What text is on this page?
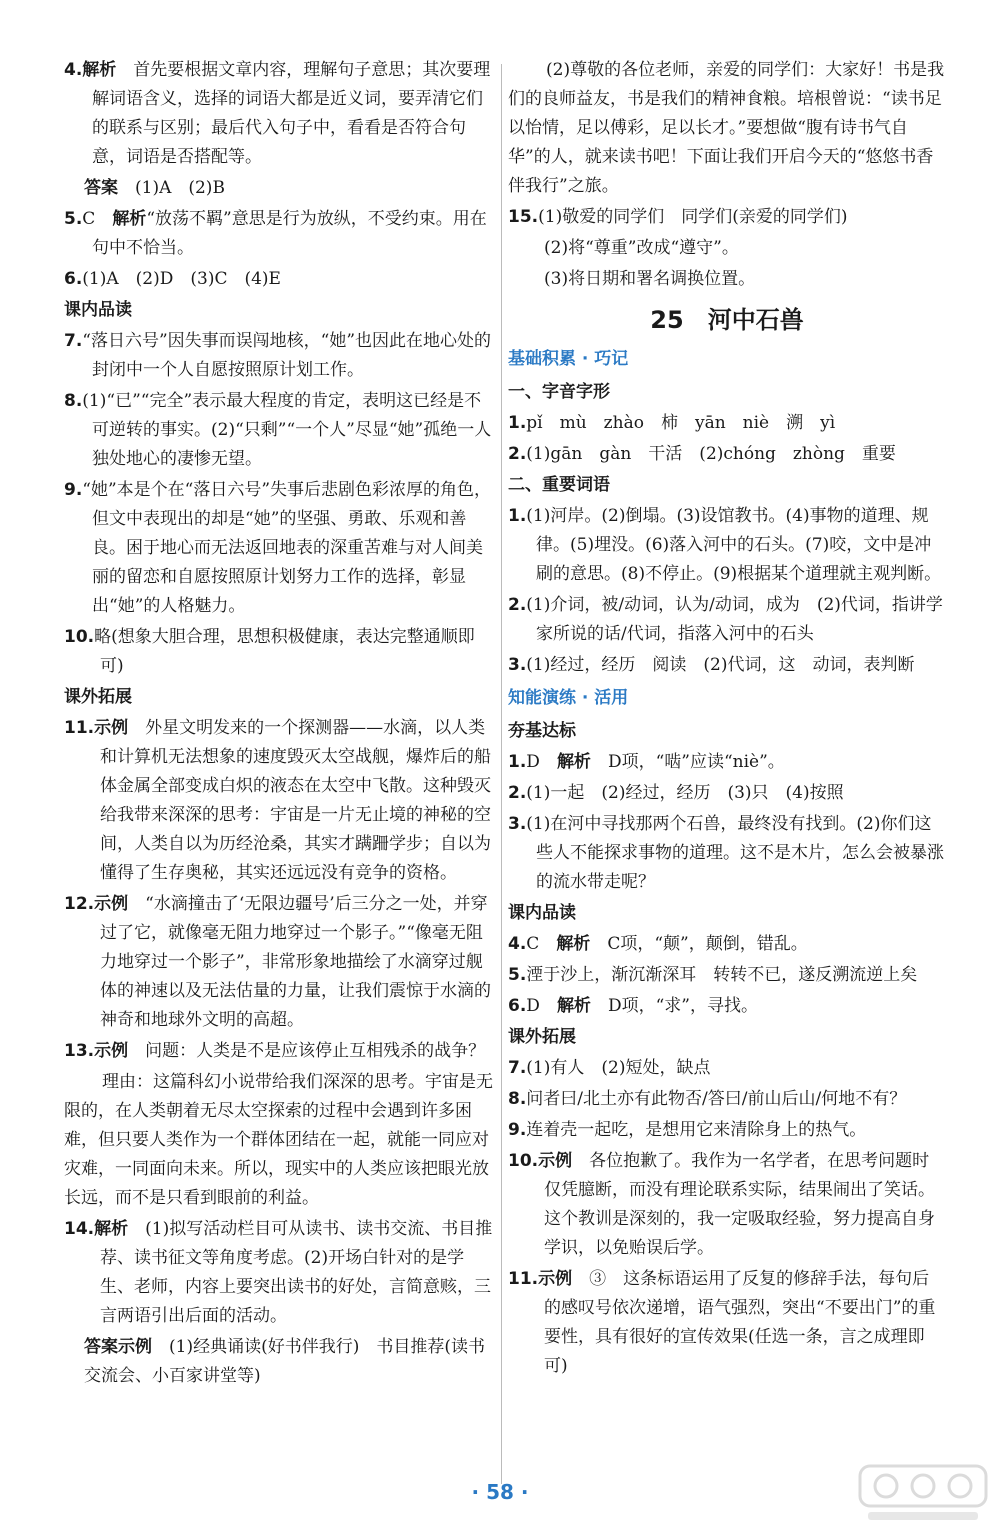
4.解析　 首先要根据文章内容，理解句子意思；其次要理解词语含义，选择的词语大都是近义词，要弄清它们的联系与区别；最后代入句子中，看看是否符合句意，词语是否搭配等。
答案　 (1)A　(2)B
5.C　解析“放荡不羁”意思是行为放纵，不受约束。用在句中不恰当。
6.(1)A　(2)D　(3)C　(4)E
课内品读
7.“落日六号”因失事而误闯地核，“她”也因此在地心处的封闭中一个人自愿按照原计划工作。
8.(1)“已”“完全”表示最大程度的肯定，表明这已经是不可逆转的事实。(2)“只剩”“一个人”尽显“她”孤绝一人独处地心的凄惨无望。
9.“她”本是个在“落日六号”失事后悲剧色彩浓厚的角色，但文中表现出的却是“她”的坚强、勇敢、乐观和善良。困于地心而无法返回地表的深重苦难与对人间美丽的留恋和自愿按照原计划努力工作的选择，彰显出“她”的人格魅力。
10.略(想象大胆合理，思想积极健康，表达完整通顺即可)
课外拓展
11.示例　 外星文明发来的一个探测器——水滴，以人类和计算机无法想象的速度毁灭太空战舰，爆炸后的船体金属全部变成白炽的液态在太空中飞散。这种毁灭给我带来深深的思考：宇宙是一片无止境的神秘的空间，人类自以为历经沧桑，其实才蹒跚学步；自以为懂得了生存奥秘，其实还远远没有竞争的资格。
12.示例　 “水滴撞击了‘无限边疆号’后三分之一处，并穿过了它，就像毫无阻力地穿过一个影子。”“像毫无阻力地穿过一个影子”，非常形象地描绘了水滴穿过舰体的神速以及无法估量的力量，让我们震惊于水滴的神奇和地球外文明的高超。
13.示例　 问题：人类是不是应该停止互相残杀的战争？
理由：这篇科幻小说带给我们深深的思考。宇宙是无限的，在人类朝着无尽太空探索的过程中会遇到许多困难，但只要人类作为一个群体团结在一起，就能一同应对灾难，一同面向未来。所以，现实中的人类应该把眼光放长远，而不是只看到眼前的利益。
14.解析　 (1)拟写活动栏目可从读书、读书交流、书目推荐、读书征文等角度考虑。(2)开场白针对的是学生、老师，内容上要突出读书的好处，言简意赅，三言两语引出后面的活动。
答案示例　 (1)经典诵读(好书伴我行)　书目推荐(读书交流会、小百家讲堂等)
(2)尊敬的各位老师，亲爱的同学们：大家好！书是我们的良师益友，书是我们的精神食粮。培根曾说：“读书足以怡情，足以傅彩，足以长才。”要想做“腹有诗书气自华”的人，就来读书吧！下面让我们开启今天的“悠悠书香伴我行”之旅。
15.(1)敬爱的同学们　同学们(亲爱的同学们)
(2)将“尊重”改成“遵守”。
(3)将日期和署名调换位置。
25　 河中石兽
基础积累 · 巧记
一、字音字形
1.pǐ　mù　zhào　柿　yān　niè　溯　yì
2.(1)gān　gàn　干活　(2)chóng　zhòng　重要
二、重要词语
1.(1)河岸。(2)倒塌。(3)设馆教书。(4)事物的道理、规律。(5)埋没。(6)落入河中的石头。(7)咬，文中是冲刷的意思。(8)不停止。(9)根据某个道理就主观判断。
2.(1)介词，被/动词，认为/动词，成为　(2)代词，指讲学家所说的话/代词，指落入河中的石头
3.(1)经过，经历　阅读　(2)代词，这　动词，表判断
知能演练 · 活用
夯基达标
1.D　解析　 D项，“啮”应读“niè”。
2.(1)一起　(2)经过，经历　(3)只　(4)按照
3.(1)在河中寻找那两个石兽，最终没有找到。(2)你们这些人不能探求事物的道理。这不是木片，怎么会被暴涨的流水带走呢？
课内品读
4.C　解析　 C项，“颠”，颠倒，错乱。
5.湮于沙上，渐沉渐深耳　转转不已，遂反溯流逆上矣
6.D　解析　 D项，“求”，寻找。
课外拓展
7.(1)有人　(2)短处，缺点
8.问者曰/北土亦有此物否/答曰/前山后山/何地不有？
9.连着壳一起吃，是想用它来清除身上的热气。
10.示例　 各位抱歉了。我作为一名学者，在思考问题时仅凭臆断，而没有理论联系实际，结果闹出了笑话。这个教训是深刻的，我一定吸取经验，努力提高自身学识，以免贻误后学。
11.示例　 ③　这条标语运用了反复的修辞手法，每句后的感叹号依次递增，语气强烈，突出“不要出门”的重要性，具有很好的宣传效果(任选一条，言之成理即可)
· 58 ·
